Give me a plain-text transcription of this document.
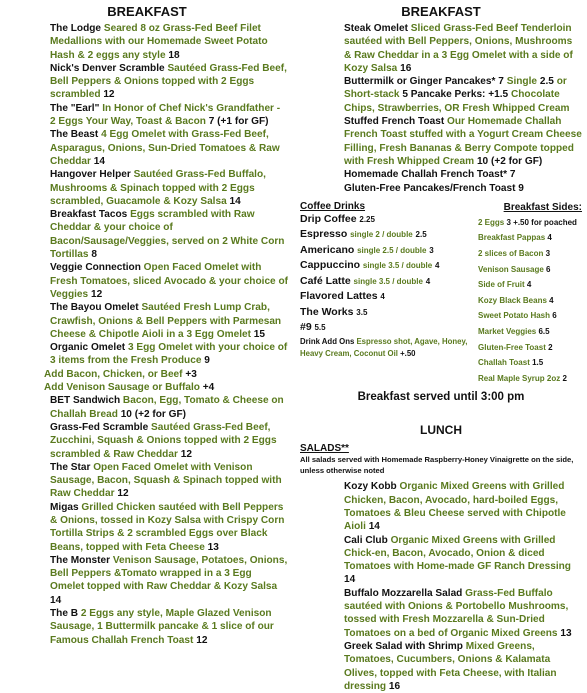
BREAKFAST

The Lodge Seared 8 oz Grass-Fed Beef Filet Medallions with our Homemade Sweet Potato Hash & 2 eggs any style 18

Nick's Denver Scramble Sautéed Grass-Fed Beef, Bell Peppers & Onions topped with 2 Eggs scrambled 12

The "Earl" In Honor of Chef Nick's Grandfather - 2 Eggs Your Way, Toast & Bacon 7 (+1 for GF)

The Beast 4 Egg Omelet with Grass-Fed Beef, Asparagus, Onions, Sun-Dried Tomatoes & Raw Cheddar 14

Hangover Helper Sautéed Grass-Fed Buffalo, Mushrooms & Spinach topped with 2 Eggs scrambled, Guacamole & Kozy Salsa 14

Breakfast Tacos Eggs scrambled with Raw Cheddar & your choice of Bacon/Sausage/Veggies, served on 2 White Corn Tortillas 8

Veggie Connection Open Faced Omelet with Fresh Tomatoes, sliced Avocado & your choice of Veggies 12

The Bayou Omelet Sautéed Fresh Lump Crab, Crawfish, Onions & Bell Peppers with Parmesan Cheese & Chipotle Aioli in a 3 Egg Omelet 15

Organic Omelet 3 Egg Omelet with your choice of 3 items from the Fresh Produce 9

Add Bacon, Chicken, or Beef +3

Add Venison Sausage or Buffalo +4

BET Sandwich Bacon, Egg, Tomato & Cheese on Challah Bread 10 (+2 for GF)

Grass-Fed Scramble Sautéed Grass-Fed Beef, Zucchini, Squash & Onions topped with 2 Eggs scrambled & Raw Cheddar 12

The Star Open Faced Omelet with Venison Sausage, Bacon, Squash & Spinach topped with Raw Cheddar 12

Migas Grilled Chicken sautéed with Bell Peppers & Onions, tossed in Kozy Salsa with Crispy Corn Tortilla Strips & 2 scrambled Eggs over Black Beans, topped with Feta Cheese 13

The Monster Venison Sausage, Potatoes, Onions, Bell Peppers &Tomato wrapped in a 3 Egg Omelet topped with Raw Cheddar & Kozy Salsa 14

The B 2 Eggs any style, Maple Glazed Venison Sausage, 1 Buttermilk pancake & 1 slice of our Famous Challah French Toast 12

BREAKFAST

Steak Omelet Sliced Grass-Fed Beef Tenderloin sautéed with Bell Peppers, Onions, Mushrooms & Raw Cheddar in a 3 Egg Omelet with a side of Kozy Salsa 16

Buttermilk or Ginger Pancakes* 7 Single 2.5 or Short-stack 5 Pancake Perks: +1.5 Chocolate Chips, Strawberries, OR Fresh Whipped Cream

Stuffed French Toast Our Homemade Challah French Toast stuffed with a Yogurt Cream Cheese Filling, Fresh Bananas & Berry Compote topped with Fresh Whipped Cream 10 (+2 for GF)

Homemade Challah French Toast* 7

Gluten-Free Pancakes/French Toast 9

Coffee Drinks
Drip Coffee 2.25
Espresso single 2 / double 2.5
Americano single 2.5 / double 3
Cappuccino single 3.5 / double 4
Café Latte single 3.5 / double 4
Flavored Lattes 4
The Works 3.5
#9 5.5
Drink Add Ons Espresso shot, Agave, Honey, Heavy Cream, Coconut Oil +.50
Breakfast Sides:
2 Eggs 3 +.50 for poached
Breakfast Pappas 4
2 slices of Bacon 3
Venison Sausage 6
Side of Fruit 4
Kozy Black Beans 4
Sweet Potato Hash 6
Market Veggies 6.5
Gluten-Free Toast 2
Challah Toast 1.5
Real Maple Syrup 2oz 2
Breakfast served until 3:00 pm
LUNCH
SALADS**
All salads served with Homemade Raspberry-Honey Vinaigrette on the side, unless otherwise noted

Kozy Kobb Organic Mixed Greens with Grilled Chicken, Bacon, Avocado, hard-boiled Eggs, Tomatoes & Bleu Cheese served with Chipotle Aioli 14

Cali Club Organic Mixed Greens with Grilled Chick-en, Bacon, Avocado, Onion & diced Tomatoes with Home-made GF Ranch Dressing 14

Buffalo Mozzarella Salad Grass-Fed Buffalo sautéed with Onions & Portobello Mushrooms, tossed with Fresh Mozzarella & Sun-Dried Tomatoes on a bed of Organic Mixed Greens 13

Greek Salad with Shrimp Mixed Greens, Tomatoes, Cucumbers, Onions & Kalamata Olives, topped with Feta Cheese, with Italian dressing 16
